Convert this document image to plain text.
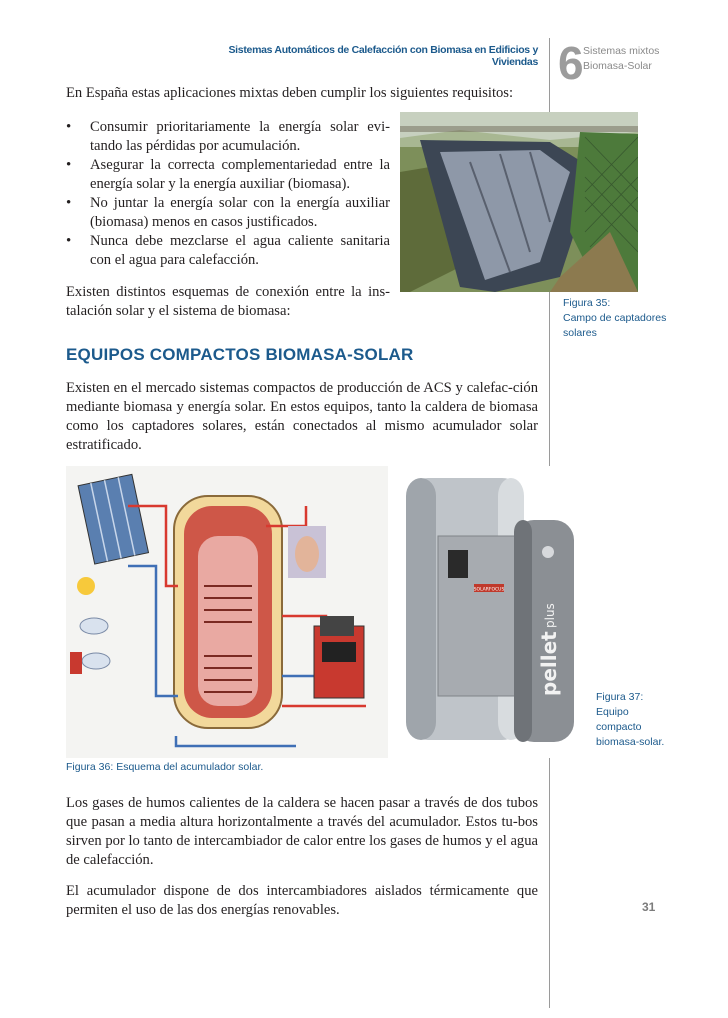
Sistemas Automáticos de Calefacción con Biomasa en Edificios y Viviendas 6 Sistemas mixtos
Biomasa-Solar
En España estas aplicaciones mixtas deben cumplir los siguientes requisitos:
• Consumir prioritariamente la energía solar evi-tando las pérdidas por acumulación.
• Asegurar la correcta complementariedad entre la energía solar y la energía auxiliar (biomasa).
• No juntar la energía solar con la energía auxiliar (biomasa) menos en casos justificados.
• Nunca debe mezclarse el agua caliente sanitaria con el agua para calefacción.
Existen distintos esquemas de conexión entre la ins-talación solar y el sistema de biomasa:	Figura 35:
Campo de captadores
solares
EQUIPOS COMPACTOS BIOMASA-SOLAR
Existen en el mercado sistemas compactos de producción de ACS y calefac-ción mediante biomasa y energía solar. En estos equipos, tanto la caldera de biomasa como los captadores solares, están conectados al mismo acumulador solar estratificado.
Figura 36: Esquema del acumulador solar.
SOLARFOCUS
pellet
plus
Figura 37:
Equipo
compacto
biomasa-solar.
Los gases de humos calientes de la caldera se hacen pasar a través de dos tubos que pasan a media altura horizontalmente a través del acumulador. Estos tu-bos sirven por lo tanto de intercambiador de calor entre los gases de humos y el agua de calefacción.
El acumulador dispone de dos intercambiadores aislados térmicamente que permiten el uso de las dos energías renovables.	31
